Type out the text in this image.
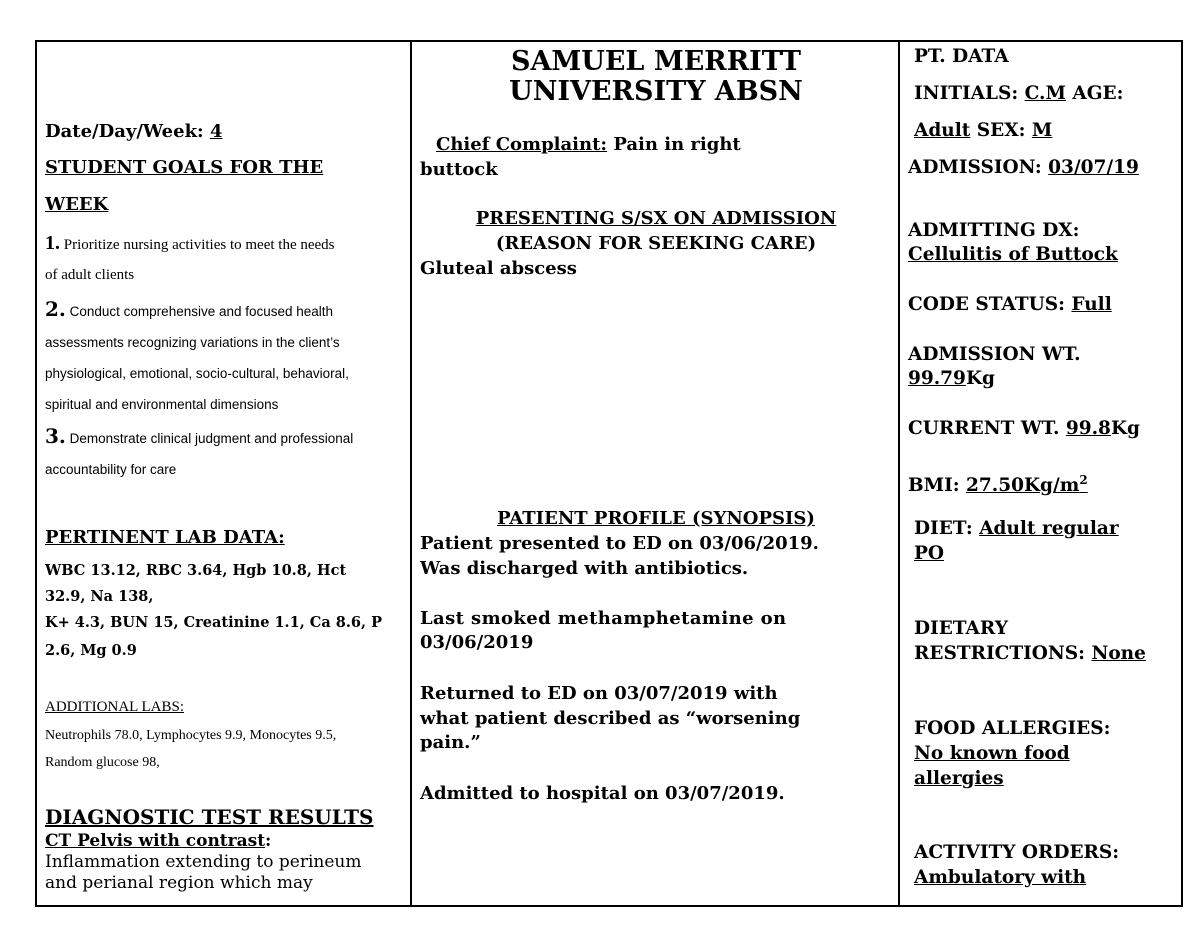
Date/Day/Week: 4
STUDENT GOALS FOR THE
WEEK
1. Prioritize nursing activities to meet the needs
of adult clients
2. Conduct comprehensive and focused health
assessments recognizing variations in the client’s
physiological, emotional, socio-cultural, behavioral,
spiritual and environmental dimensions
3. Demonstrate clinical judgment and professional
accountability for care
PERTINENT LAB DATA:
WBC 13.12, RBC 3.64, Hgb 10.8, Hct
32.9, Na 138,
K+ 4.3, BUN 15, Creatinine 1.1, Ca 8.6, P
2.6, Mg 0.9
ADDITIONAL LABS:
Neutrophils 78.0, Lymphocytes 9.9, Monocytes 9.5,
Random glucose 98,
DIAGNOSTIC TEST RESULTS
CT Pelvis with contrast:
Inflammation extending to perineum
and perianal region which may
SAMUEL MERRITT
UNIVERSITY ABSN
Chief Complaint: Pain in right
buttock
PRESENTING S/SX ON ADMISSION
(REASON FOR SEEKING CARE)
Gluteal abscess
PATIENT PROFILE (SYNOPSIS)
Patient presented to ED on 03/06/2019.
Was discharged with antibiotics.
Last smoked methamphetamine on
03/06/2019
Returned to ED on 03/07/2019 with
what patient described as “worsening
pain.”
Admitted to hospital on 03/07/2019.
PT. DATA
INITIALS: C.M AGE:
Adult SEX: M
ADMISSION: 03/07/19
ADMITTING DX:
Cellulitis of Buttock
CODE STATUS: Full
ADMISSION WT.
99.79Kg
CURRENT WT. 99.8Kg
BMI: $27.50Kg/m^2$
DIET: Adult regular
PO
DIETARY
RESTRICTIONS: None
FOOD ALLERGIES:
No known food
allergies
ACTIVITY ORDERS:
Ambulatory with
